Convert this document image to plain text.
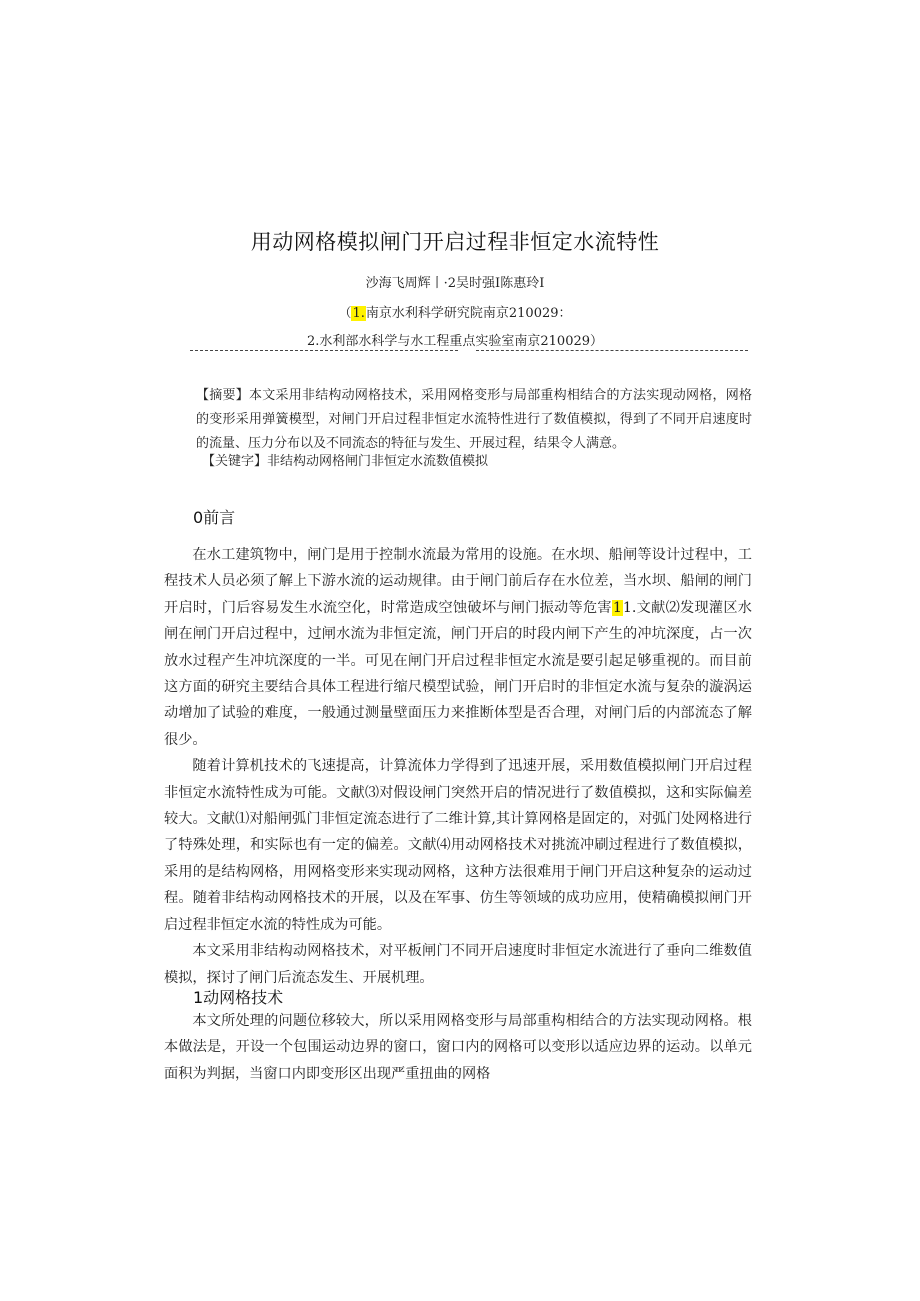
用动网格模拟闸门开启过程非恒定水流特性
沙海飞周辉丨·2吴时强I陈惠玲I
（1.南京水利科学研究院南京210029：
2.水利部水科学与水工程重点实验室南京210029）

【摘要】本文采用非结构动网格技术，采用网格变形与局部重构相结合的方法实现动网格，网格的变形采用弹簧模型，对闸门开启过程非恒定水流特性进行了数值模拟，得到了不同开启速度时的流量、压力分布以及不同流态的特征与发生、开展过程，结果令人满意。

【关键字】非结构动网格闸门非恒定水流数值模拟
0前言

在水工建筑物中，闸门是用于控制水流最为常用的设施。在水坝、船闸等设计过程中，工程技术人员必须了解上下游水流的运动规律。由于闸门前后存在水位差，当水坝、船闸的闸门开启时，门后容易发生水流空化，时常造成空蚀破坏与闸门振动等危害11.文献⑵发现灌区水闸在闸门开启过程中，过闸水流为非恒定流，闸门开启的时段内闸下产生的冲坑深度，占一次放水过程产生冲坑深度的一半。可见在闸门开启过程非恒定水流是要引起足够重视的。而目前这方面的研究主要结合具体工程进行缩尺模型试验，闸门开启时的非恒定水流与复杂的漩涡运动增加了试验的难度，一般通过测量壁面压力来推断体型是否合理，对闸门后的内部流态了解很少。

随着计算机技术的飞速提高，计算流体力学得到了迅速开展，采用数值模拟闸门开启过程非恒定水流特性成为可能。文献⑶对假设闸门突然开启的情况进行了数值模拟，这和实际偏差较大。文献⑴对船闸弧门非恒定流态进行了二维计算,其计算网格是固定的，对弧门处网格进行了特殊处理，和实际也有一定的偏差。文献⑷用动网格技术对挑流冲刷过程进行了数值模拟，采用的是结构网格，用网格变形来实现动网格，这种方法很难用于闸门开启这种复杂的运动过程。随着非结构动网格技术的开展，以及在军事、仿生等领域的成功应用，使精确模拟闸门开启过程非恒定水流的特性成为可能。

本文采用非结构动网格技术，对平板闸门不同开启速度时非恒定水流进行了垂向二维数值模拟，探讨了闸门后流态发生、开展机理。

1动网格技术

本文所处理的问题位移较大，所以采用网格变形与局部重构相结合的方法实现动网格。根本做法是，开设一个包围运动边界的窗口，窗口内的网格可以变形以适应边界的运动。以单元面积为判据，当窗口内即变形区出现严重扭曲的网格
